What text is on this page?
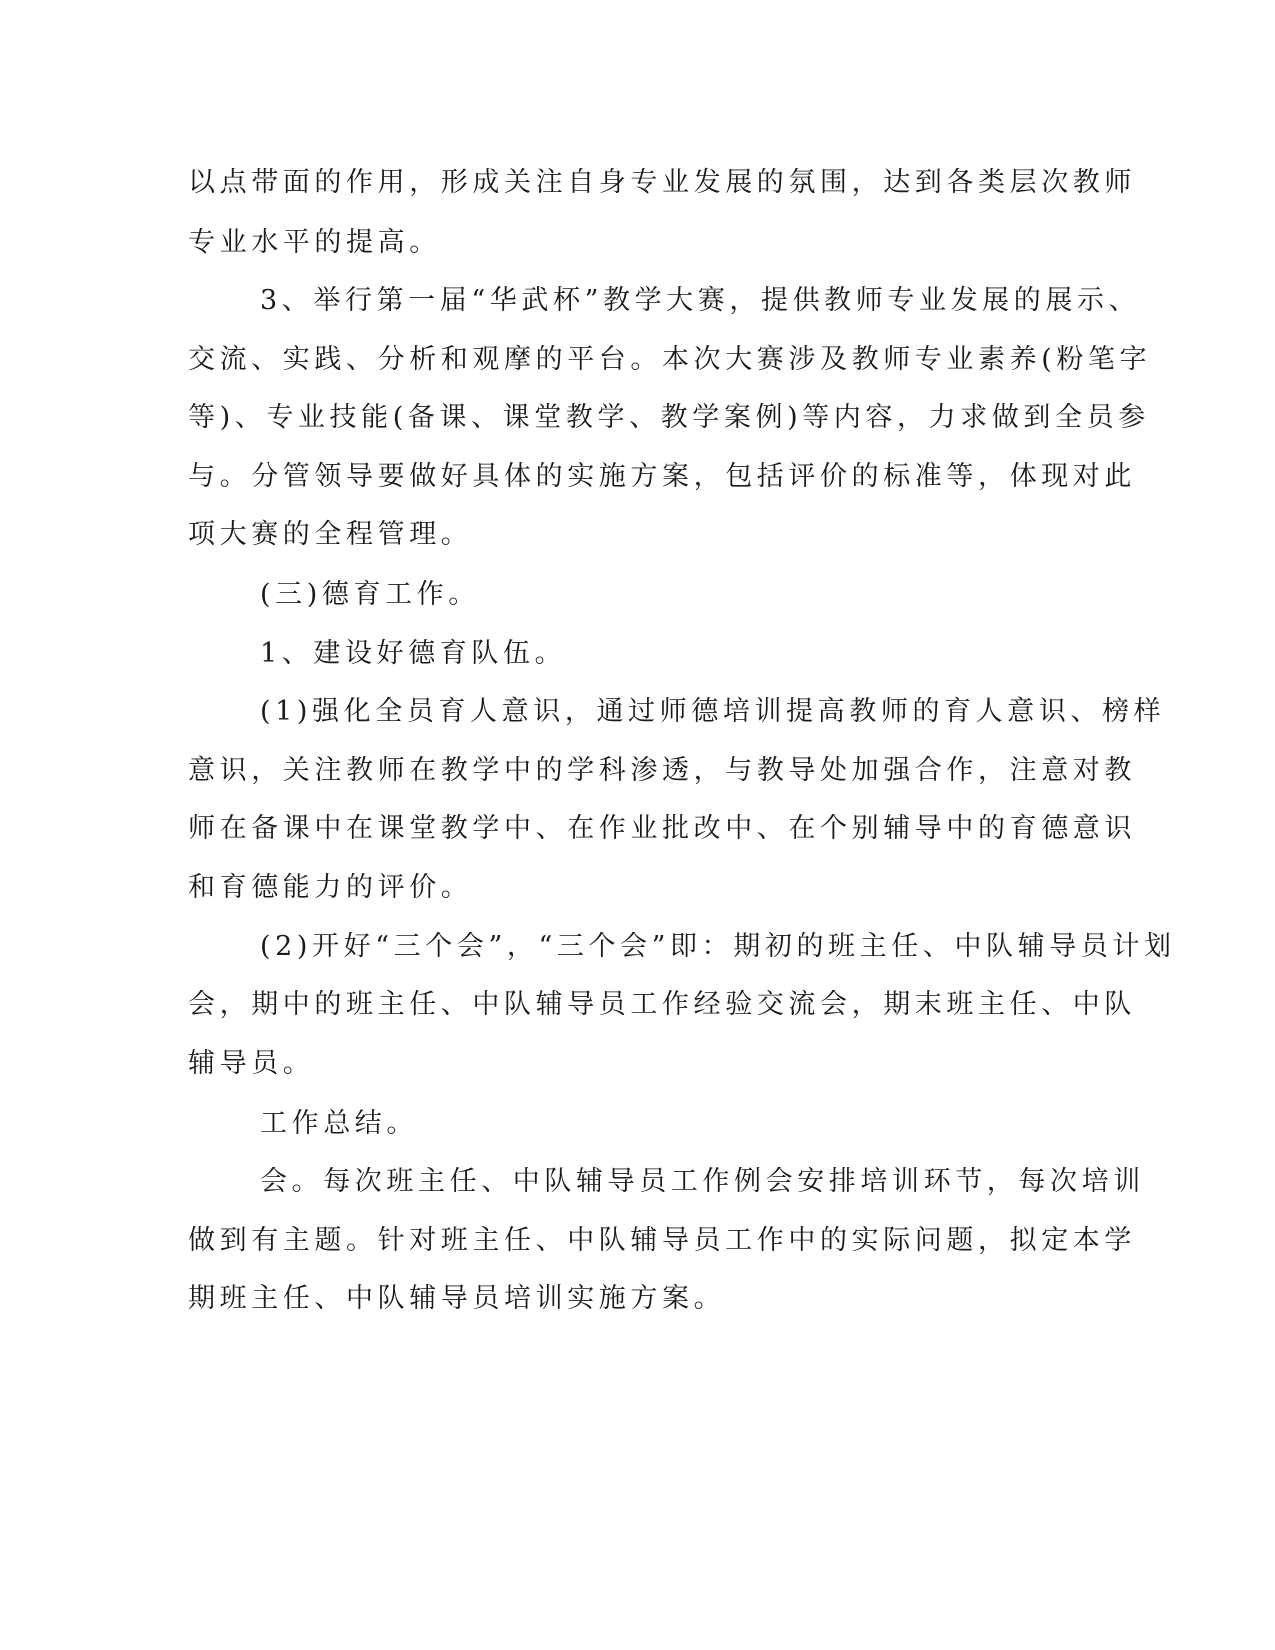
以点带面的作用，形成关注自身专业发展的氛围，达到各类层次教师
专业水平的提高。
3、举行第一届“华武杯”教学大赛，提供教师专业发展的展示、
交流、实践、分析和观摩的平台。本次大赛涉及教师专业素养(粉笔字
等)、专业技能(备课、课堂教学、教学案例)等内容，力求做到全员参
与。分管领导要做好具体的实施方案，包括评价的标准等，体现对此
项大赛的全程管理。
(三)德育工作。
1、建设好德育队伍。
(1)强化全员育人意识，通过师德培训提高教师的育人意识、榜样
意识，关注教师在教学中的学科渗透，与教导处加强合作，注意对教
师在备课中在课堂教学中、在作业批改中、在个别辅导中的育德意识
和育德能力的评价。
(2)开好“三个会”，“三个会”即：期初的班主任、中队辅导员计划
会，期中的班主任、中队辅导员工作经验交流会，期末班主任、中队
辅导员。
工作总结。
会。每次班主任、中队辅导员工作例会安排培训环节，每次培训
做到有主题。针对班主任、中队辅导员工作中的实际问题，拟定本学
期班主任、中队辅导员培训实施方案。
